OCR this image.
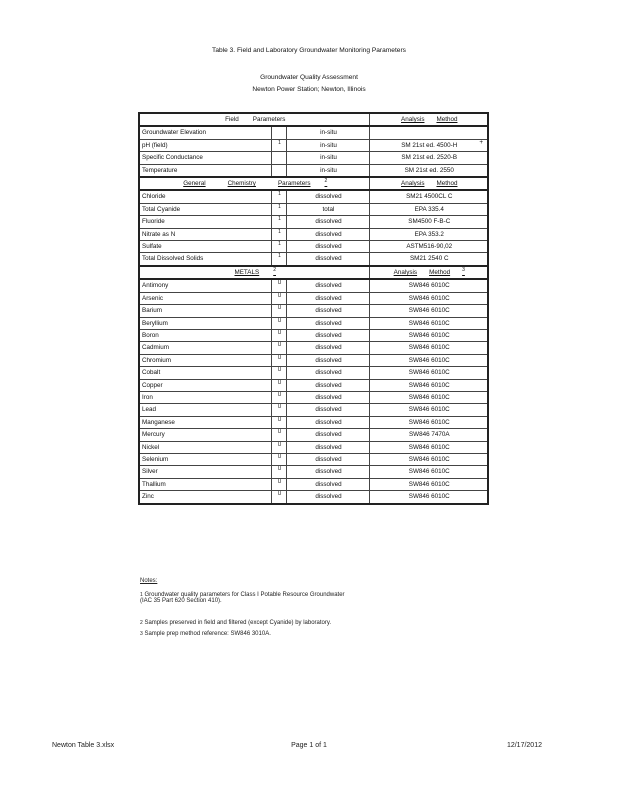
Table 3. Field and Laboratory Groundwater Monitoring Parameters
Groundwater Quality Assessment
Newton Power Station; Newton, Illinois
Field Parameters			Analysis Method
Groundwater Elevation		in-situ	

pH (field)	$^1$	in-situ	SM 21st ed. 4500-H +

Specific Conductance		in-situ	SM 21st ed. 2520-B

Temperature		in-situ	SM 21st ed. 2550

General Chemistry Parameters $^2$			Analysis Method
Chloride	$^1$	dissolved	SM21 4500CL C
Total Cyanide	$^1$	total	EPA 335.4
Fluoride	$^1$	dissolved	SM4500 F-B-C
Nitrate as N	$^1$	dissolved	EPA 353.2
Sulfate	$^1$	dissolved	ASTM516-90,02
Total Dissolved Solids	$^1$	dissolved	SM21 2540 C
METALS $^2$			Analysis Method $^3$
Antimony	$^U$	dissolved	SW846 6010C
Arsenic	$^U$	dissolved	SW846 6010C
Barium	$^U$	dissolved	SW846 6010C
Beryllium	$^U$	dissolved	SW846 6010C
Boron	$^U$	dissolved	SW846 6010C
Cadmium	$^U$	dissolved	SW846 6010C
Chromium	$^U$	dissolved	SW846 6010C
Cobalt	$^U$	dissolved	SW846 6010C
Copper	$^U$	dissolved	SW846 6010C
Iron	$^U$	dissolved	SW846 6010C
Lead	$^U$	dissolved	SW846 6010C
Manganese	$^U$	dissolved	SW846 6010C
Mercury	$^U$	dissolved	SW846 7470A
Nickel	$^U$	dissolved	SW846 6010C
Selenium	$^U$	dissolved	SW846 6010C
Silver	$^U$	dissolved	SW846 6010C
Thallium	$^U$	dissolved	SW846 6010C
Zinc	$^U$	dissolved	SW846 6010C
Notes:
$^1$ Groundwater quality parameters for Class I Potable Resource Groundwater (IAC 35 Part 620 Section 410).
$^2$ Samples preserved in field and filtered (except Cyanide) by laboratory.
$^3$ Sample prep method reference: SW846 3010A.
Newton Table 3.xlsx	Page 1 of 1	12/17/2012
